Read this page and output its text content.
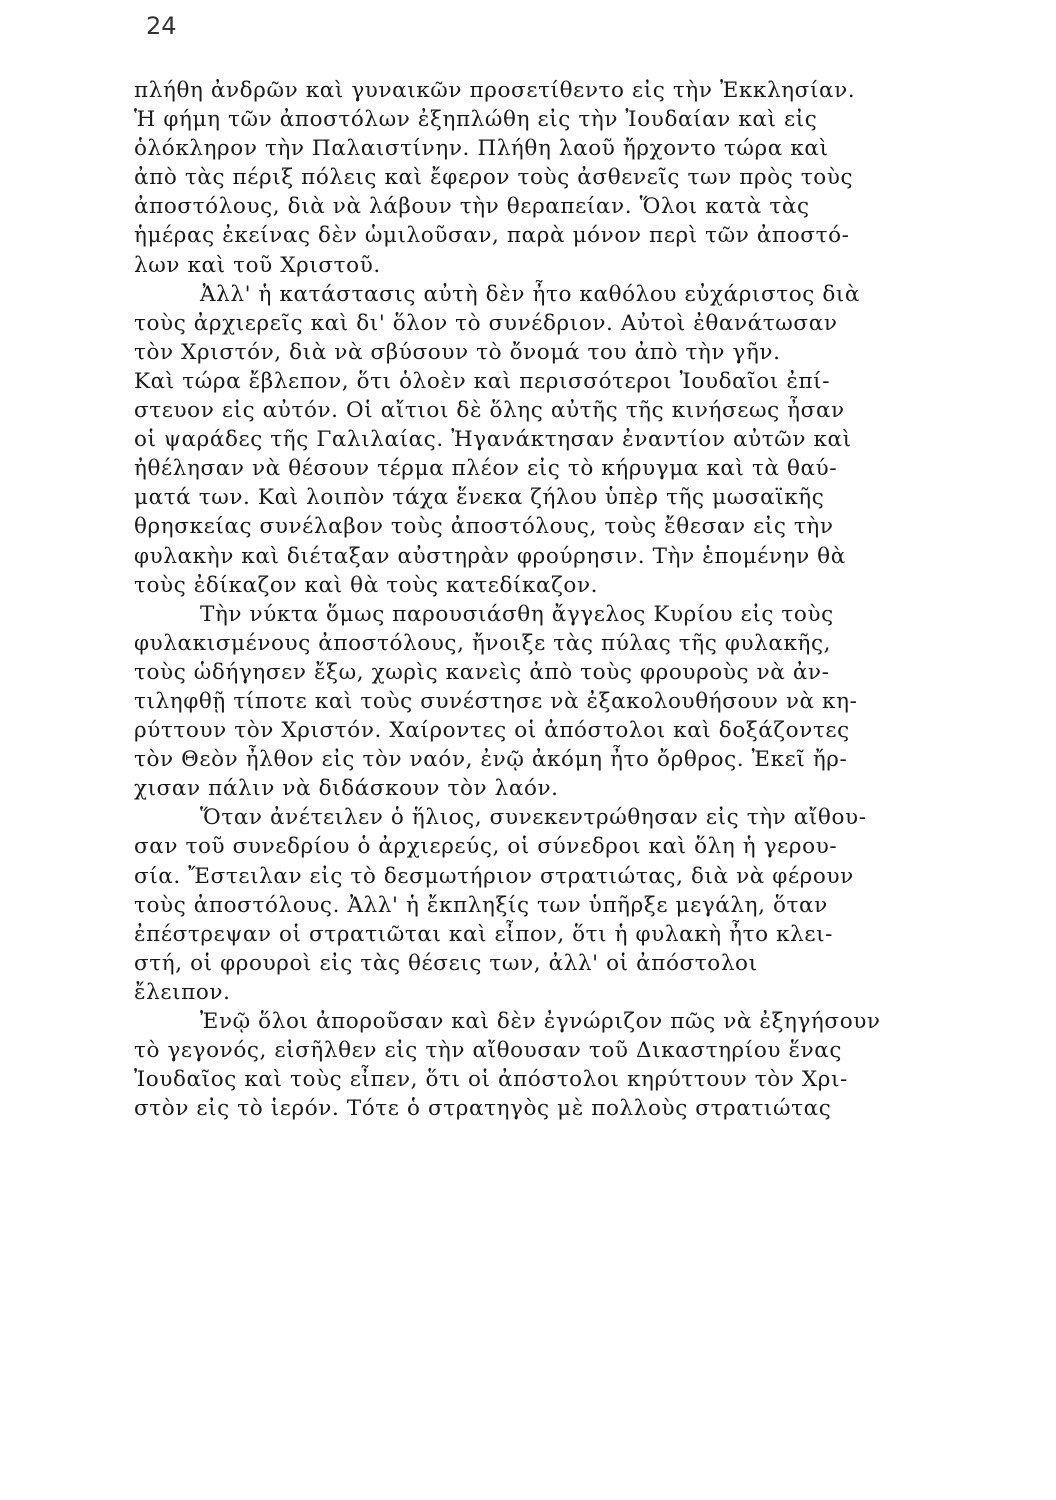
24
πλήθη ἀνδρῶν καὶ γυναικῶν προσετίθεντο εἰς τὴν Ἐκκλησίαν.
Ἡ φήμη τῶν ἀποστόλων ἐξηπλώθη εἰς τὴν Ἰουδαίαν καὶ εἰς
ὁλόκληρον τὴν Παλαιστίνην. Πλήθη λαοῦ ἤρχοντο τώρα καὶ
ἀπὸ τὰς πέριξ πόλεις καὶ ἔφερον τοὺς ἀσθενεῖς των πρὸς τοὺς
ἀποστόλους, διὰ νὰ λάβουν τὴν θεραπείαν. Ὅλοι κατὰ τὰς
ἡμέρας ἐκείνας δὲν ὡμιλοῦσαν, παρὰ μόνον περὶ τῶν ἀποστό-
λων καὶ τοῦ Χριστοῦ.
Ἀλλ' ἡ κατάστασις αὐτὴ δὲν ἦτο καθόλου εὐχάριστος διὰ
τοὺς ἀρχιερεῖς καὶ δι' ὅλον τὸ συνέδριον. Αὐτοὶ ἐθανάτωσαν
τὸν Χριστόν, διὰ νὰ σβύσουν τὸ ὄνομά του ἀπὸ τὴν γῆν.
Καὶ τώρα ἔβλεπον, ὅτι ὁλοὲν καὶ περισσότεροι Ἰουδαῖοι ἐπί-
στευον εἰς αὐτόν. Οἱ αἴτιοι δὲ ὅλης αὐτῆς τῆς κινήσεως ἦσαν
οἱ ψαράδες τῆς Γαλιλαίας. Ἠγανάκτησαν ἐναντίον αὐτῶν καὶ
ἠθέλησαν νὰ θέσουν τέρμα πλέον εἰς τὸ κήρυγμα καὶ τὰ θαύ-
ματά των. Καὶ λοιπὸν τάχα ἕνεκα ζήλου ὑπὲρ τῆς μωσαϊκῆς
θρησκείας συνέλαβον τοὺς ἀποστόλους, τοὺς ἔθεσαν εἰς τὴν
φυλακὴν καὶ διέταξαν αὐστηρὰν φρούρησιν. Τὴν ἑπομένην θὰ
τοὺς ἐδίκαζον καὶ θὰ τοὺς κατεδίκαζον.
Τὴν νύκτα ὅμως παρουσιάσθη ἄγγελος Κυρίου εἰς τοὺς
φυλακισμένους ἀποστόλους, ἤνοιξε τὰς πύλας τῆς φυλακῆς,
τοὺς ὡδήγησεν ἔξω, χωρὶς κανεὶς ἀπὸ τοὺς φρουροὺς νὰ ἀν-
τιληφθῇ τίποτε καὶ τοὺς συνέστησε νὰ ἐξακολουθήσουν νὰ κη-
ρύττουν τὸν Χριστόν. Χαίροντες οἱ ἀπόστολοι καὶ δοξάζοντες
τὸν Θεὸν ἦλθον εἰς τὸν ναόν, ἐνῷ ἀκόμη ἦτο ὄρθρος. Ἐκεῖ ἤρ-
χισαν πάλιν νὰ διδάσκουν τὸν λαόν.
Ὅταν ἀνέτειλεν ὁ ἥλιος, συνεκεντρώθησαν εἰς τὴν αἴθου-
σαν τοῦ συνεδρίου ὁ ἀρχιερεύς, οἱ σύνεδροι καὶ ὅλη ἡ γερου-
σία. Ἔστειλαν εἰς τὸ δεσμωτήριον στρατιώτας, διὰ νὰ φέρουν
τοὺς ἀποστόλους. Ἀλλ' ἡ ἔκπληξίς των ὑπῆρξε μεγάλη, ὅταν
ἐπέστρεψαν οἱ στρατιῶται καὶ εἶπον, ὅτι ἡ φυλακὴ ἦτο κλει-
στή, οἱ φρουροὶ εἰς τὰς θέσεις των, ἀλλ' οἱ ἀπόστολοι
ἔλειπον.
Ἐνῷ ὅλοι ἀποροῦσαν καὶ δὲν ἐγνώριζον πῶς νὰ ἐξηγήσουν
τὸ γεγονός, εἰσῆλθεν εἰς τὴν αἴθουσαν τοῦ Δικαστηρίου ἕνας
Ἰουδαῖος καὶ τοὺς εἶπεν, ὅτι οἱ ἀπόστολοι κηρύττουν τὸν Χρι-
στὸν εἰς τὸ ἱερόν. Τότε ὁ στρατηγὸς μὲ πολλοὺς στρατιώτας
